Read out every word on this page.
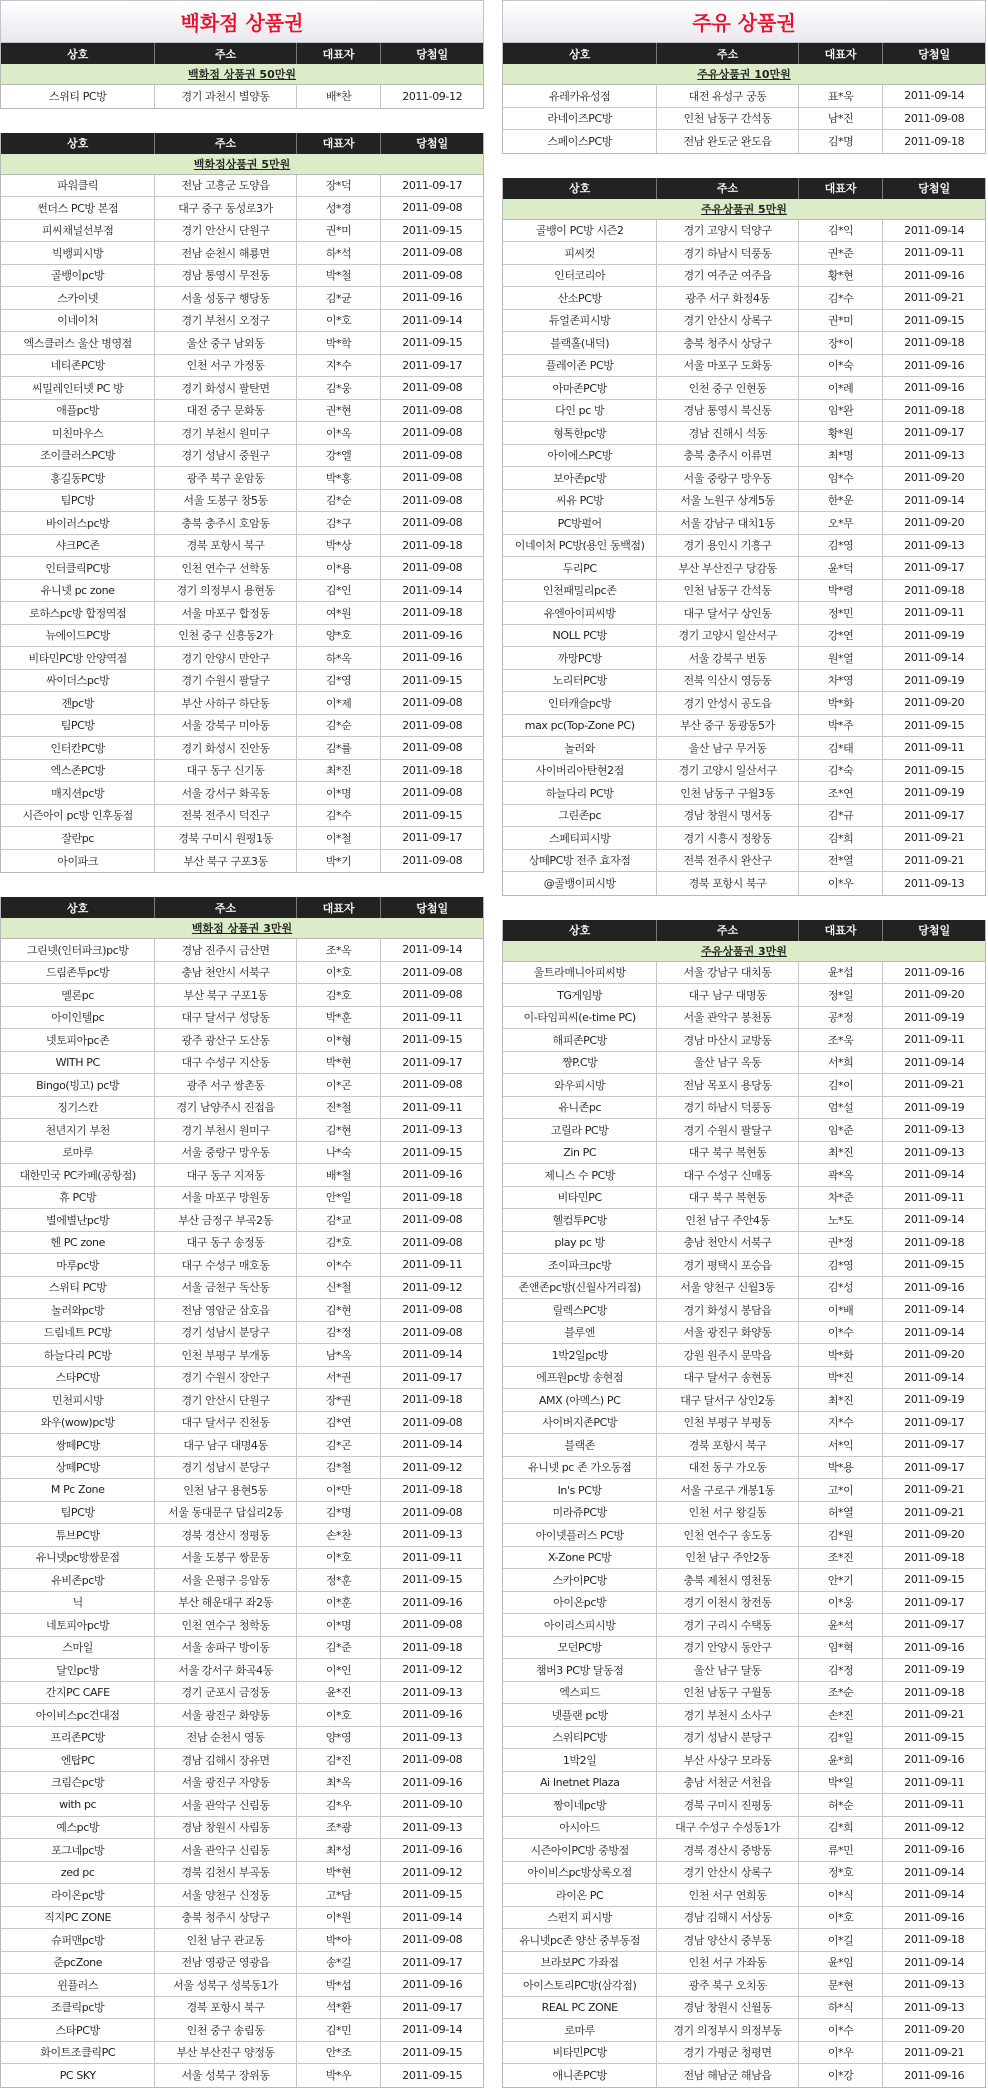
백화점 상품권
상호	주소	대표자	당첨일
백화점 상품권 50만원
스위티 PC방	경기 과천시 별양동	배*찬	2011-09-12
상호	주소	대표자	당첨일
백화점상품권 5만원
파워클릭	전남 고흥군 도양읍	장*덕	2011-09-17
썬더스 PC방 본점	대구 중구 동성로3가	성*경	2011-09-08
피씨채널선부점	경기 안산시 단원구	권*미	2011-09-15
빅뱅피시방	전남 순천시 해룡면	하*석	2011-09-08
골뱅이pc방	경남 통영시 무전동	박*철	2011-09-08
스카이넷	서울 성동구 행당동	김*균	2011-09-16
이네이처	경기 부천시 오정구	이*호	2011-09-14
엑스클러스 울산 병영점	울산 중구 남외동	박*학	2011-09-15
네티존PC방	인천 서구 가정동	지*수	2011-09-17
씨밀레인터넷 PC 방	경기 화성시 팔탄면	김*웅	2011-09-08
애플pc방	대전 중구 문화동	권*현	2011-09-08
미친마우스	경기 부천시 원미구	이*옥	2011-09-08
조이클러스PC방	경기 성남시 중원구	강*엘	2011-09-08
홍길동PC방	광주 북구 운암동	박*홍	2011-09-08
팀PC방	서울 도봉구 창5동	김*순	2011-09-08
바이러스pc방	충북 충주시 호암동	김*구	2011-09-08
샤크PC존	경북 포항시 북구	박*상	2011-09-18
인터클릭PC방	인천 연수구 선학동	이*용	2011-09-08
유니넷 pc zone	경기 의정부시 용현동	김*인	2011-09-14
로하스pc방 합정역점	서울 마포구 합정동	여*원	2011-09-18
뉴에이드PC방	인천 중구 신흥동2가	양*호	2011-09-16
비타민PC방 안양역점	경기 안양시 만안구	하*옥	2011-09-16
싸이더스pc방	경기 수원시 팔달구	김*영	2011-09-15
젠pc방	부산 사하구 하단동	이*제	2011-09-08
팀PC방	서울 강북구 미아동	김*순	2011-09-08
인터칸PC방	경기 화성시 진안동	김*률	2011-09-08
엑스존PC방	대구 동구 신기동	최*진	2011-09-18
매지션pc방	서울 강서구 화곡동	이*명	2011-09-08
시즌아이 pc방 인후동점	전북 전주시 덕진구	김*수	2011-09-15
잘란pc	경북 구미시 원평1동	이*철	2011-09-17
아이파크	부산 북구 구포3동	박*기	2011-09-08
상호	주소	대표자	당첨일
백화점 상품권 3만원
그린넷(인터파크)pc방	경남 진주시 금산면	조*옥	2011-09-14
드림존투pc방	충남 천안시 서북구	이*호	2011-09-08
멜론pc	부산 북구 구포1동	김*호	2011-09-08
아이인텔pc	대구 달서구 성당동	박*훈	2011-09-11
넷토피아pc존	광주 광산구 도산동	이*형	2011-09-15
WITH PC	대구 수성구 지산동	박*현	2011-09-17
Bingo(빙고) pc방	광주 서구 쌍촌동	이*곤	2011-09-08
징기스칸	경기 남양주시 진접읍	진*철	2011-09-11
천년지기 부천	경기 부천시 원미구	김*현	2011-09-13
로마루	서울 중랑구 망우동	나*숙	2011-09-15
대한민국 PC카페(공항점)	대구 동구 지저동	배*철	2011-09-16
휴 PC방	서울 마포구 망원동	안*일	2011-09-18
별에별난pc방	부산 금정구 부곡2동	김*교	2011-09-08
헨 PC zone	대구 동구 송정동	김*호	2011-09-08
마루pc방	대구 수성구 매호동	이*수	2011-09-11
스위티 PC방	서울 금천구 독산동	신*철	2011-09-12
놀러와pc방	전남 영암군 삼호읍	김*현	2011-09-08
드림네트 PC방	경기 성남시 분당구	김*정	2011-09-08
하늘다리 PC방	인천 부평구 부개동	남*옥	2011-09-14
스타PC방	경기 수원시 장안구	서*권	2011-09-17
민천피시방	경기 안산시 단원구	장*권	2011-09-18
와우(wow)pc방	대구 달서구 진천동	김*연	2011-09-08
쌍떼PC방	대구 남구 대명4동	김*곤	2011-09-14
상떼PC방	경기 성남시 분당구	김*철	2011-09-12
M Pc Zone	인천 남구 용현5동	이*만	2011-09-18
팀PC방	서울 동대문구 답십리2동	김*명	2011-09-08
튜브PC방	경북 경산시 정평동	손*찬	2011-09-13
유니넷pc방쌍문점	서울 도봉구 쌍문동	이*호	2011-09-11
유비존pc방	서울 은평구 응암동	정*훈	2011-09-15
닉	부산 해운대구 좌2동	이*훈	2011-09-16
네토피아pc방	인천 연수구 청학동	이*명	2011-09-08
스마일	서울 송파구 방이동	김*준	2011-09-18
달인pc방	서울 강서구 화곡4동	이*인	2011-09-12
간지PC CAFE	경기 군포시 금정동	윤*진	2011-09-13
아이비스pc건대점	서울 광진구 화양동	이*호	2011-09-16
프리존PC방	전남 순천시 영동	양*영	2011-09-13
엔탑PC	경남 김해시 장유면	김*진	2011-09-08
크림슨pc방	서울 광진구 자양동	최*옥	2011-09-16
with pc	서울 관악구 신림동	김*우	2011-09-10
예스pc방	경남 창원시 사림동	조*광	2011-09-13
포그네pc방	서울 관악구 신림동	최*성	2011-09-16
zed pc	경북 김천시 부곡동	박*현	2011-09-12
라이온pc방	서울 양천구 신정동	고*담	2011-09-15
직지PC ZONE	충북 청주시 상당구	이*원	2011-09-14
슈퍼맨pc방	인천 남구 관교동	박*아	2011-09-08
준pcZone	전남 영광군 영광읍	송*길	2011-09-17
윈플러스	서울 성북구 성북동1가	박*섭	2011-09-16
조클릭pc방	경북 포항시 북구	석*환	2011-09-17
스타PC방	인천 중구 송림동	김*민	2011-09-14
화이트조클릭PC	부산 부산진구 양정동	안*조	2011-09-15
PC SKY	서울 성북구 장위동	박*우	2011-09-15
주유 상품권
상호	주소	대표자	당첨일
주유상품권 10만원
유레카유성점	대전 유성구 궁동	표*욱	2011-09-14
라네이즈PC방	인천 남동구 간석동	남*진	2011-09-08
스페이스PC방	전남 완도군 완도읍	김*명	2011-09-18
상호	주소	대표자	당첨일
주유상품권 5만원
골뱅이 PC방 시즌2	경기 고양시 덕양구	김*익	2011-09-14
피씨컷	경기 하남시 덕풍동	권*준	2011-09-11
인터코리아	경기 여주군 여주읍	황*현	2011-09-16
산소PC방	광주 서구 화정4동	김*수	2011-09-21
듀얼존피시방	경기 안산시 상록구	권*미	2011-09-15
블랙홀(내덕)	충북 청주시 상당구	장*이	2011-09-18
플레이존 PC방	서울 마포구 도화동	이*숙	2011-09-16
아마존PC방	인천 중구 인현동	이*례	2011-09-16
다인 pc 방	경남 통영시 북신동	임*완	2011-09-18
형톡한pc방	경남 진해시 석동	황*원	2011-09-17
아이에스PC방	충북 충주시 이류면	최*명	2011-09-13
보아존pc방	서울 중랑구 망우동	임*수	2011-09-20
씨유 PC방	서울 노원구 상계5동	한*운	2011-09-14
PC방펄어	서울 강남구 대치1동	오*무	2011-09-20
이네이처 PC방(용인 동백점)	경기 용인시 기흥구	김*영	2011-09-13
두리PC	부산 부산진구 당감동	윤*덕	2011-09-17
인천패밀리pc존	인천 남동구 간석동	박*령	2011-09-18
유엔아이피씨방	대구 달서구 상인동	정*민	2011-09-11
NOLL PC방	경기 고양시 일산서구	강*연	2011-09-19
까망PC방	서울 강북구 번동	원*열	2011-09-14
노리터PC방	전북 익산시 영등동	차*영	2011-09-19
인터캐슬pc방	경기 안성시 공도읍	박*화	2011-09-20
max pc(Top-Zone PC)	부산 중구 동광동5가	박*주	2011-09-15
놀러와	울산 남구 무거동	김*태	2011-09-11
사이버리아탄현2점	경기 고양시 일산서구	김*숙	2011-09-15
하늘다리 PC방	인천 남동구 구월3동	조*연	2011-09-19
그린존pc	경남 창원시 명서동	김*규	2011-09-17
스페티피시방	경기 시흥시 정왕동	김*희	2011-09-21
상떼PC방 전주 효자점	전북 전주시 완산구	전*열	2011-09-21
@골뱅이피시방	경북 포항시 북구	이*우	2011-09-13
상호	주소	대표자	당첨일
주유상품권 3만원
울트라매니아피씨방	서울 강남구 대치동	윤*섭	2011-09-16
TG게임방	대구 남구 대명동	정*일	2011-09-20
이-타임피씨(e-time PC)	서울 관악구 봉천동	공*정	2011-09-19
해피존PC방	경남 마산시 교방동	조*욱	2011-09-11
쨩P.C방	울산 남구 옥동	서*희	2011-09-14
와우피시방	전남 목포시 용당동	김*이	2011-09-21
유니존pc	경기 하남시 덕풍동	엄*설	2011-09-19
고릴라 PC방	경기 수원시 팔달구	임*준	2011-09-13
Zin PC	대구 북구 복현동	최*진	2011-09-13
제니스 수 PC방	대구 수성구 신매동	곽*옥	2011-09-14
비타민PC	대구 북구 복현동	차*준	2011-09-11
헬컴투PC방	인천 남구 주안4동	노*도	2011-09-14
play pc 방	충남 천안시 서북구	권*정	2011-09-18
조이파크pc방	경기 평택시 포승읍	김*영	2011-09-15
존앤존pc방(신월사거리점)	서울 양천구 신월3동	김*성	2011-09-16
릴렉스PC방	경기 화성시 봉담읍	이*배	2011-09-14
블루엔	서울 광진구 화양동	이*수	2011-09-14
1박2일pc방	강원 원주시 문막읍	박*화	2011-09-20
에프원pc방 송현점	대구 달서구 송현동	박*진	2011-09-14
AMX (아멕스) PC	대구 달서구 상인2동	최*진	2011-09-19
사이버지존PC방	인천 부평구 부평동	지*수	2011-09-17
블랙존	경북 포항시 북구	서*익	2011-09-17
유니넷 pc 존 가오동점	대전 동구 가오동	박*용	2011-09-17
In's PC방	서울 구로구 개봉1동	고*이	2011-09-21
미라쥬PC방	인천 서구 왕길동	허*열	2011-09-21
아이넷플러스 PC방	인천 연수구 송도동	김*원	2011-09-20
X-Zone PC방	인천 남구 주안2동	조*진	2011-09-18
스카이PC방	충북 제천시 영천동	안*기	2011-09-15
아이온pc방	경기 이천시 창전동	이*웅	2011-09-17
아이리스피시방	경기 구리시 수택동	윤*석	2011-09-17
모던PC방	경기 안양시 동안구	임*혁	2011-09-16
챔버3 PC방 달동점	울산 남구 달동	김*정	2011-09-19
엑스피드	인천 남동구 구월동	조*순	2011-09-18
넷플랜 pc방	경기 부천시 소사구	손*진	2011-09-21
스위티PC방	경기 성남시 분당구	김*일	2011-09-15
1박2일	부산 사상구 모라동	윤*희	2011-09-16
Ai Inetnet Plaza	충남 서천군 서천읍	박*일	2011-09-11
짱이네pc방	경북 구미시 진평동	허*순	2011-09-11
아시아드	대구 수성구 수성동1가	김*희	2011-09-12
시즌아이PC방 중방점	경북 경산시 중방동	류*민	2011-09-16
아이비스pc방상록오점	경기 안산시 상록구	정*호	2011-09-14
라이온 PC	인천 서구 연희동	이*식	2011-09-14
스펀지 피시방	경남 김해시 서상동	이*호	2011-09-16
유니넷pc존 양산 중부동점	경남 양산시 중부동	이*길	2011-09-18
브라보PC 가좌점	인천 서구 가좌동	윤*임	2011-09-14
아이스토리PC방(삼각점)	광주 북구 오치동	문*현	2011-09-13
REAL PC ZONE	경남 창원시 신월동	하*식	2011-09-13
로마루	경기 의정부시 의정부동	이*수	2011-09-20
비타민PC방	경기 가평군 청평면	이*우	2011-09-21
애니존PC방	전남 해남군 해남읍	이*강	2011-09-16
